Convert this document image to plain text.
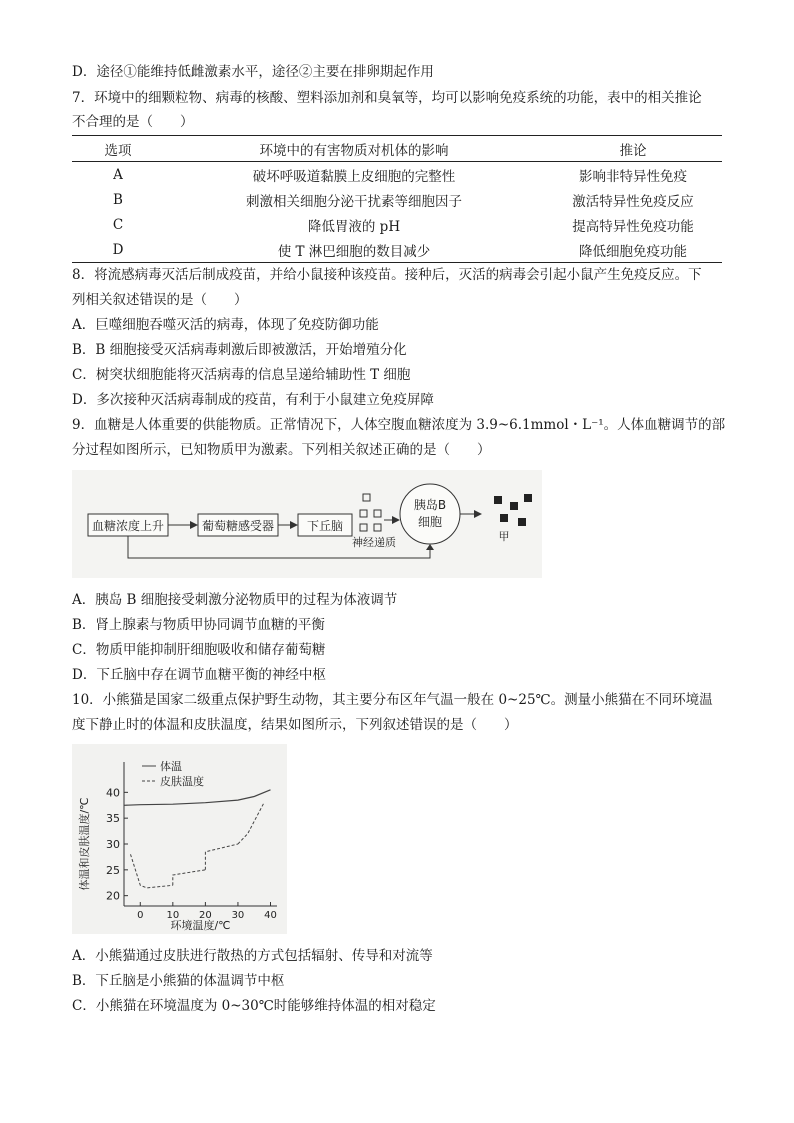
D．途径①能维持低雌激素水平，途径②主要在排卵期起作用
7．环境中的细颗粒物、病毒的核酸、塑料添加剂和臭氧等，均可以影响免疫系统的功能，表中的相关推论
不合理的是（　　）
选项	环境中的有害物质对机体的影响	推论
A	破坏呼吸道黏膜上皮细胞的完整性	影响非特异性免疫
B	刺激相关细胞分泌干扰素等细胞因子	激活特异性免疫反应
C	降低胃液的 pH	提高特异性免疫功能
D	使 T 淋巴细胞的数目减少	降低细胞免疫功能
8．将流感病毒灭活后制成疫苗，并给小鼠接种该疫苗。接种后，灭活的病毒会引起小鼠产生免疫反应。下
列相关叙述错误的是（　　）
A．巨噬细胞吞噬灭活的病毒，体现了免疫防御功能
B．B 细胞接受灭活病毒刺激后即被激活，开始增殖分化
C．树突状细胞能将灭活病毒的信息呈递给辅助性 T 细胞
D．多次接种灭活病毒制成的疫苗，有利于小鼠建立免疫屏障
9．血糖是人体重要的供能物质。正常情况下，人体空腹血糖浓度为 3.9~6.1mmol・L⁻¹。人体血糖调节的部
分过程如图所示，已知物质甲为激素。下列相关叙述正确的是（　　）
血糖浓度上升	葡萄糖感受器	下丘脑
神经递质
胰岛B
细胞
甲
A．胰岛 B 细胞接受刺激分泌物质甲的过程为体液调节
B．肾上腺素与物质甲协同调节血糖的平衡
C．物质甲能抑制肝细胞吸收和储存葡萄糖
D．下丘脑中存在调节血糖平衡的神经中枢
10．小熊猫是国家二级重点保护野生动物，其主要分布区年气温一般在 0~25℃。测量小熊猫在不同环境温
度下静止时的体温和皮肤温度，结果如图所示，下列叙述错误的是（　　）
20
25
30
35
40
0 10 20 30 40
体温
皮肤温度
环境温度/℃
体温和皮肤温度/℃
A．小熊猫通过皮肤进行散热的方式包括辐射、传导和对流等
B．下丘脑是小熊猫的体温调节中枢
C．小熊猫在环境温度为 0~30℃时能够维持体温的相对稳定
